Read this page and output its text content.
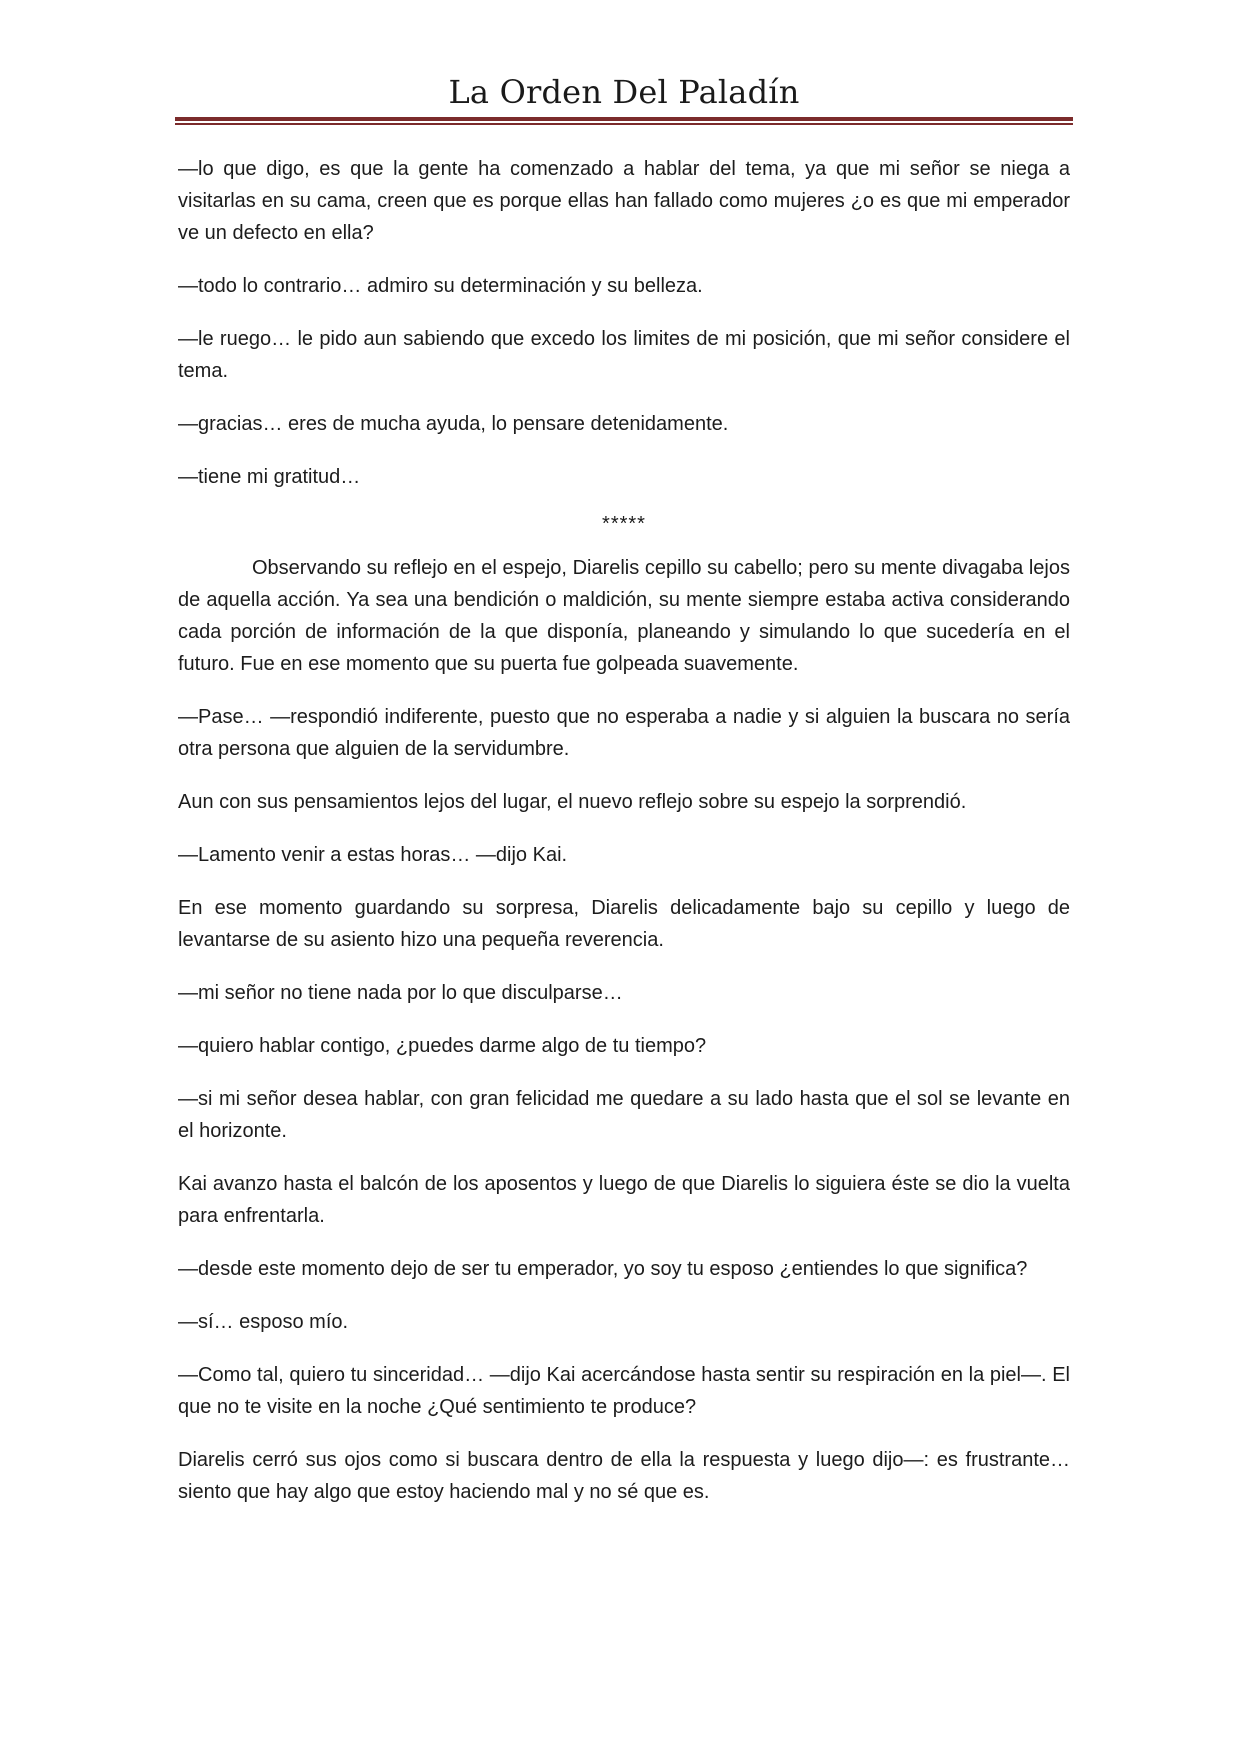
La Orden Del Paladín

—lo que digo, es que la gente ha comenzado a hablar del tema, ya que mi señor se niega a visitarlas en su cama, creen que es porque ellas han fallado como mujeres ¿o es que mi emperador ve un defecto en ella?

—todo lo contrario… admiro su determinación y su belleza.

—le ruego… le pido aun sabiendo que excedo los limites de mi posición, que mi señor considere el tema.

—gracias… eres de mucha ayuda, lo pensare detenidamente.

—tiene mi gratitud…

*****

Observando su reflejo en el espejo, Diarelis cepillo su cabello; pero su mente divagaba lejos de aquella acción. Ya sea una bendición o maldición, su mente siempre estaba activa considerando cada porción de información de la que disponía, planeando y simulando lo que sucedería en el futuro. Fue en ese momento que su puerta fue golpeada suavemente.

—Pase… —respondió indiferente, puesto que no esperaba a nadie y si alguien la buscara no sería otra persona que alguien de la servidumbre.

Aun con sus pensamientos lejos del lugar, el nuevo reflejo sobre su espejo la sorprendió.

—Lamento venir a estas horas… —dijo Kai.

En ese momento guardando su sorpresa, Diarelis delicadamente bajo su cepillo y luego de levantarse de su asiento hizo una pequeña reverencia.

—mi señor no tiene nada por lo que disculparse…

—quiero hablar contigo, ¿puedes darme algo de tu tiempo?

—si mi señor desea hablar, con gran felicidad me quedare a su lado hasta que el sol se levante en el horizonte.

Kai avanzo hasta el balcón de los aposentos y luego de que Diarelis lo siguiera éste se dio la vuelta para enfrentarla.

—desde este momento dejo de ser tu emperador, yo soy tu esposo ¿entiendes lo que significa?

—sí… esposo mío.

—Como tal, quiero tu sinceridad… —dijo Kai acercándose hasta sentir su respiración en la piel—. El que no te visite en la noche ¿Qué sentimiento te produce?

Diarelis cerró sus ojos como si buscara dentro de ella la respuesta y luego dijo—: es frustrante… siento que hay algo que estoy haciendo mal y no sé que es.
